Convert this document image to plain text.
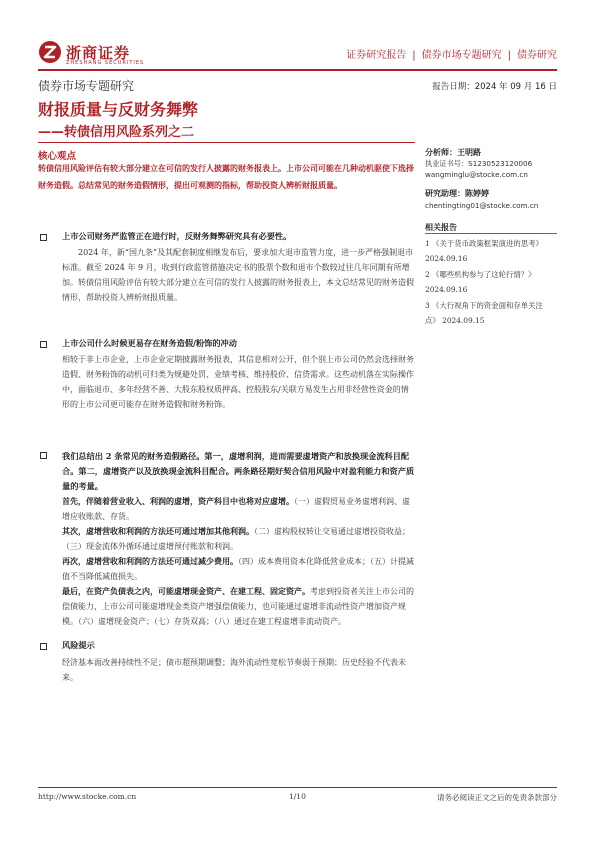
浙商证券
ZHESHANG SECURITIES
证券研究报告 | 债券市场专题研究 | 债券研究
债券市场专题研究	报告日期：2024 年 09 月 16 日
财报质量与反财务舞弊
——转债信用风险系列之二
核心观点
转债信用风险评估有较大部分建立在可信的发行人披露的财务报表上。上市公司可能在几种动机驱使下选择财务造假。总结常见的财务造假情形，提出可观测的指标，帮助投资人辨析财报质量。
上市公司财务严监管正在进行时，反财务舞弊研究具有必要性。
2024 年，新“国九条”及其配套制度相继发布后，要求加大退市监管力度，进一步严格强制退市标准。截至 2024 年 9 月，收到行政监管措施决定书的股票个数和退市个数较过往几年同期有所增加。转债信用风险评估有较大部分建立在可信的发行人披露的财务报表上，本文总结常见的财务造假情形，帮助投资人辨析财报质量。
上市公司什么时候更易存在财务造假/粉饰的冲动
相较于非上市企业，上市企业定期披露财务报表，其信息相对公开，但个别上市公司仍然会选择财务造假、财务粉饰的动机可归类为规避处罚、业绩考核、维持股价、信贷需求。这些动机落在实际操作中，面临退市、多年经营不善、大股东股权质押高、控股股东/关联方易发生占用非经营性资金的情形的上市公司更可能存在财务造假和财务粉饰。
我们总结出 2 条常见的财务造假路径。第一，虚增利润，进而需要虚增资产和放换现金流科目配合。第二，虚增资产以及放换现金流科目配合。两条路径期好契合信用风险中对盈利能力和资产质量的考量。
首先，伴随着营业收入、利润的虚增，资产科目中也将对应虚增。（一）虚假贸易业务虚增利润、虚增应收账款、存货。
其次，虚增营收和利润的方法还可通过增加其他利润。（二）虚构股权转让交易通过虚增投资收益；（三）现金流体外循环通过虚增预付账款和利润。
再次，虚增营收和利润的方法还可通过减少费用。（四）成本费用资本化降低营业成本；（五）计提减值不当降低减值损失。
最后，在资产负债表之内，可能虚增现金资产、在建工程、固定资产。考虑到投资者关注上市公司的偿债能力，上市公司可能虚增现金类资产增强偿债能力，也可能通过虚增非流动性资产增加资产规模。（六）虚增现金资产；（七）存货双高；（八）通过在建工程虚增非流动资产。
风险提示
经济基本面改善持续性不足；债市超预期调整；海外流动性宽松节奏弱于预期；历史经验不代表未来。
分析师：王明路
执业证书号：S1230523120006
wangminglu@stocke.com.cn
研究助理：陈婷婷
chentingting01@stocke.com.cn
相关报告
1 《关于货币政策框架演进的思考》 2024.09.16
2 《哪些机构参与了这轮行情？》 2024.09.16
3 《大行视角下的资金面和存单关注点》 2024.09.15
http://www.stocke.com.cn	1/10	请务必阅读正文之后的免责条款部分
